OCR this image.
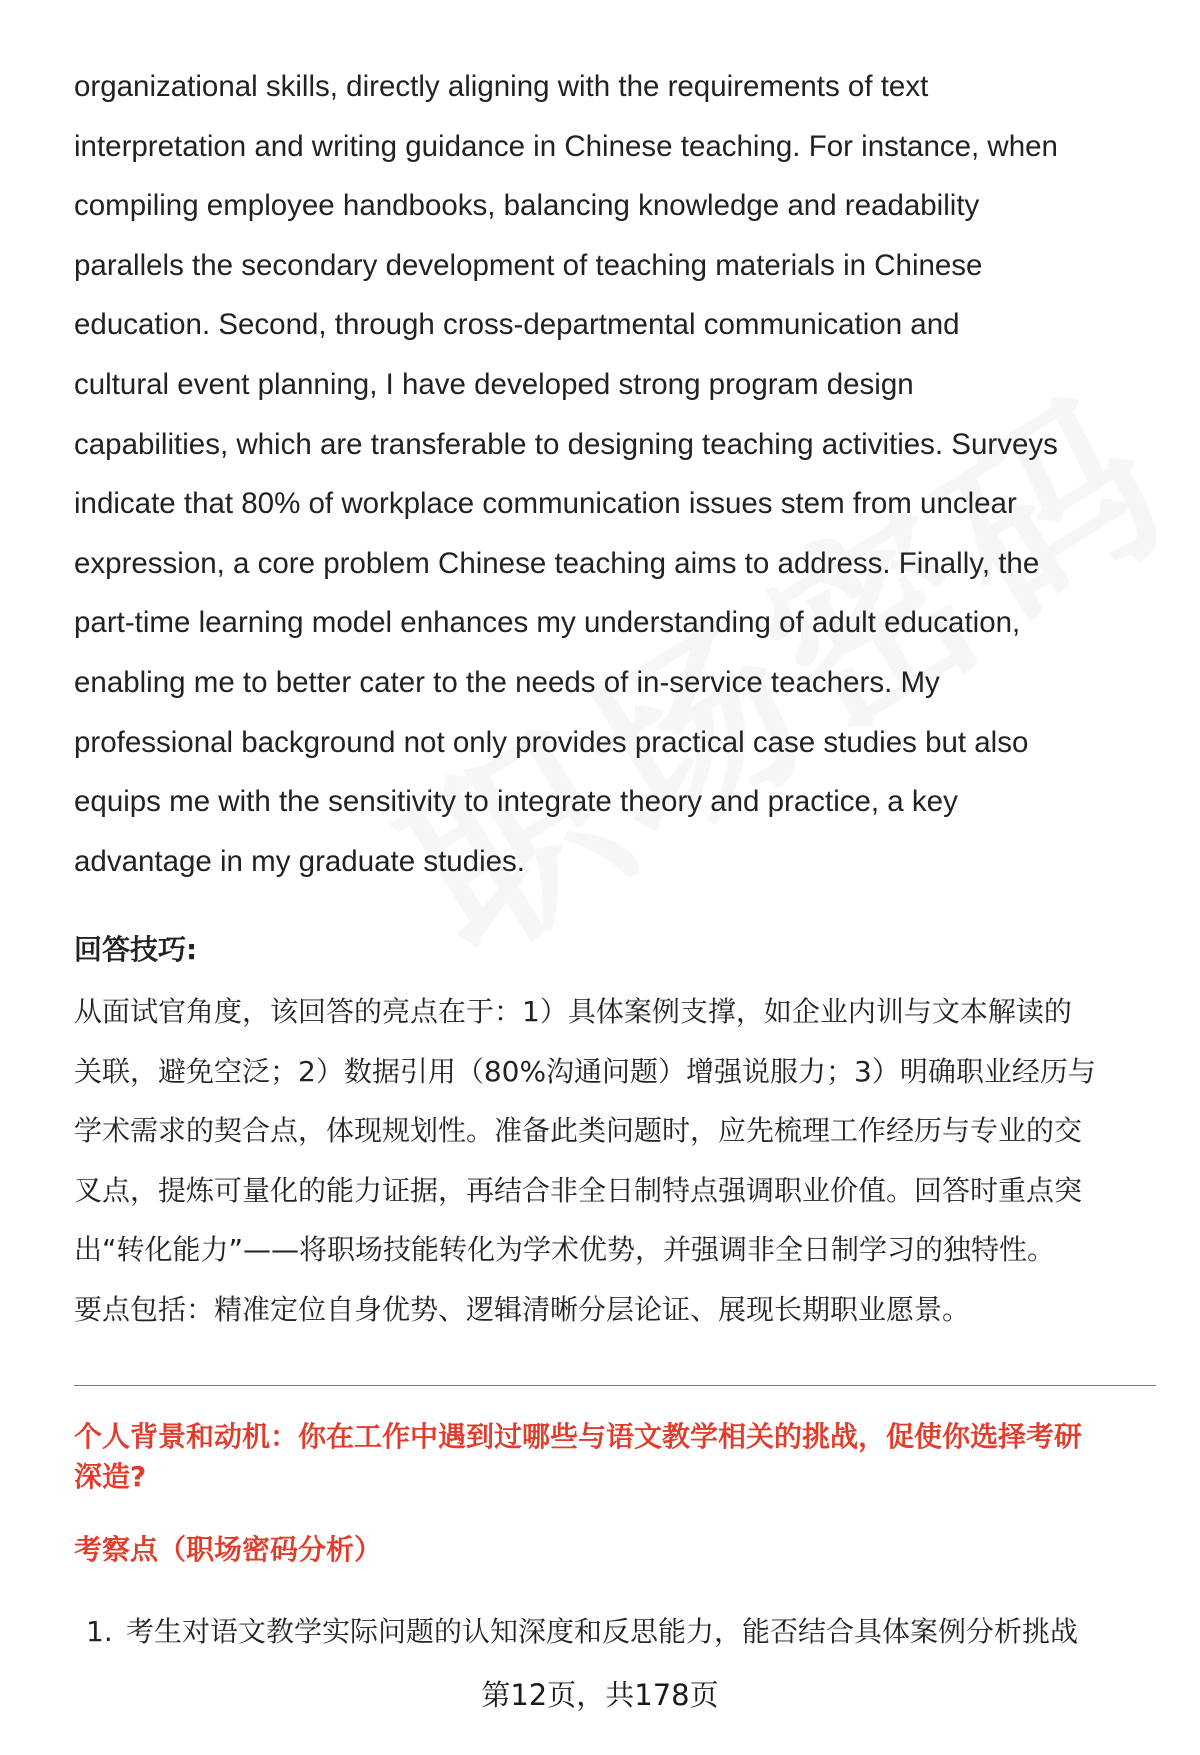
organizational skills, directly aligning with the requirements of text
interpretation and writing guidance in Chinese teaching. For instance, when
compiling employee handbooks, balancing knowledge and readability
parallels the secondary development of teaching materials in Chinese
education. Second, through cross-departmental communication and
cultural event planning, I have developed strong program design
capabilities, which are transferable to designing teaching activities. Surveys
indicate that 80% of workplace communication issues stem from unclear
expression, a core problem Chinese teaching aims to address. Finally, the
part-time learning model enhances my understanding of adult education,
enabling me to better cater to the needs of in-service teachers. My
professional background not only provides practical case studies but also
equips me with the sensitivity to integrate theory and practice, a key
advantage in my graduate studies.

回答技巧:

从面试官角度，该回答的亮点在于：1）具体案例支撑，如企业内训与文本解读的
关联，避免空泛；2）数据引用（80%沟通问题）增强说服力；3）明确职业经历与
学术需求的契合点，体现规划性。准备此类问题时，应先梳理工作经历与专业的交
叉点，提炼可量化的能力证据，再结合非全日制特点强调职业价值。回答时重点突
出“转化能力”——将职场技能转化为学术优势，并强调非全日制学习的独特性。
要点包括：精准定位自身优势、逻辑清晰分层论证、展现长期职业愿景。

个人背景和动机：你在工作中遇到过哪些与语文教学相关的挑战，促使你选择考研
深造?
考察点（职场密码分析）

1. 考生对语文教学实际问题的认知深度和反思能力，能否结合具体案例分析挑战

第12页，共178页
